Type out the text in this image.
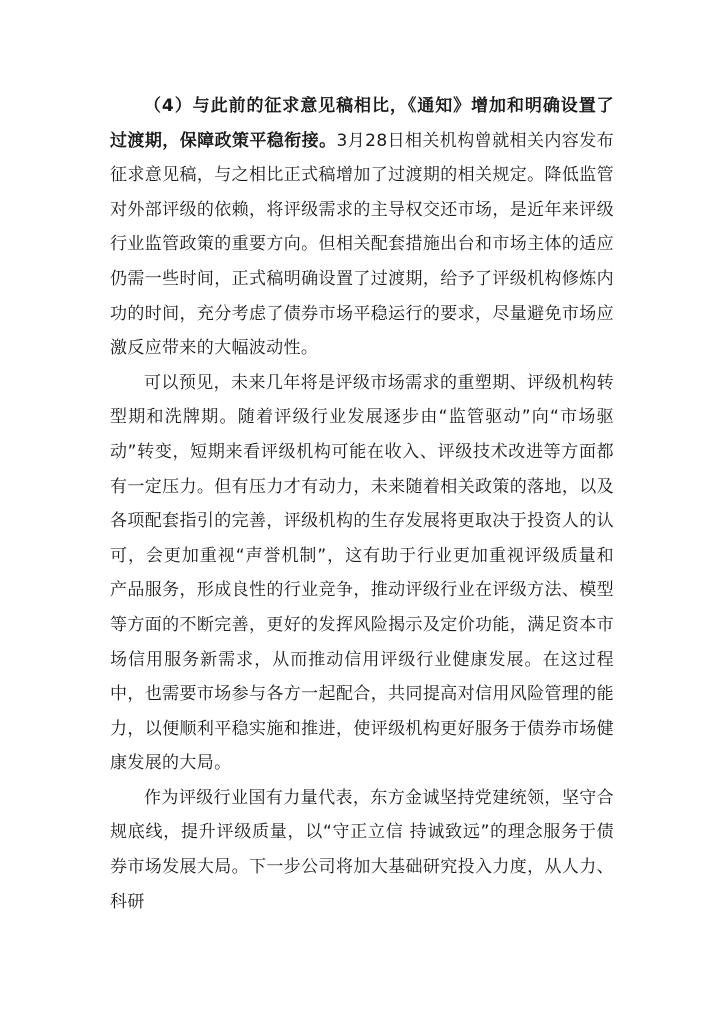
（4）与此前的征求意见稿相比，《通知》增加和明确设置了过渡期，保障政策平稳衔接。3月28日相关机构曾就相关内容发布征求意见稿，与之相比正式稿增加了过渡期的相关规定。降低监管对外部评级的依赖，将评级需求的主导权交还市场，是近年来评级行业监管政策的重要方向。但相关配套措施出台和市场主体的适应仍需一些时间，正式稿明确设置了过渡期，给予了评级机构修炼内功的时间，充分考虑了债券市场平稳运行的要求，尽量避免市场应激反应带来的大幅波动性。

可以预见，未来几年将是评级市场需求的重塑期、评级机构转型期和洗牌期。随着评级行业发展逐步由“监管驱动”向“市场驱动”转变，短期来看评级机构可能在收入、评级技术改进等方面都有一定压力。但有压力才有动力，未来随着相关政策的落地，以及各项配套指引的完善，评级机构的生存发展将更取决于投资人的认可，会更加重视“声誉机制”，这有助于行业更加重视评级质量和产品服务，形成良性的行业竞争，推动评级行业在评级方法、模型等方面的不断完善，更好的发挥风险揭示及定价功能，满足资本市场信用服务新需求，从而推动信用评级行业健康发展。在这过程中，也需要市场参与各方一起配合，共同提高对信用风险管理的能力，以便顺利平稳实施和推进，使评级机构更好服务于债券市场健康发展的大局。

作为评级行业国有力量代表，东方金诚坚持党建统领，坚守合规底线，提升评级质量，以“守正立信 持诚致远”的理念服务于债券市场发展大局。下一步公司将加大基础研究投入力度，从人力、科研
